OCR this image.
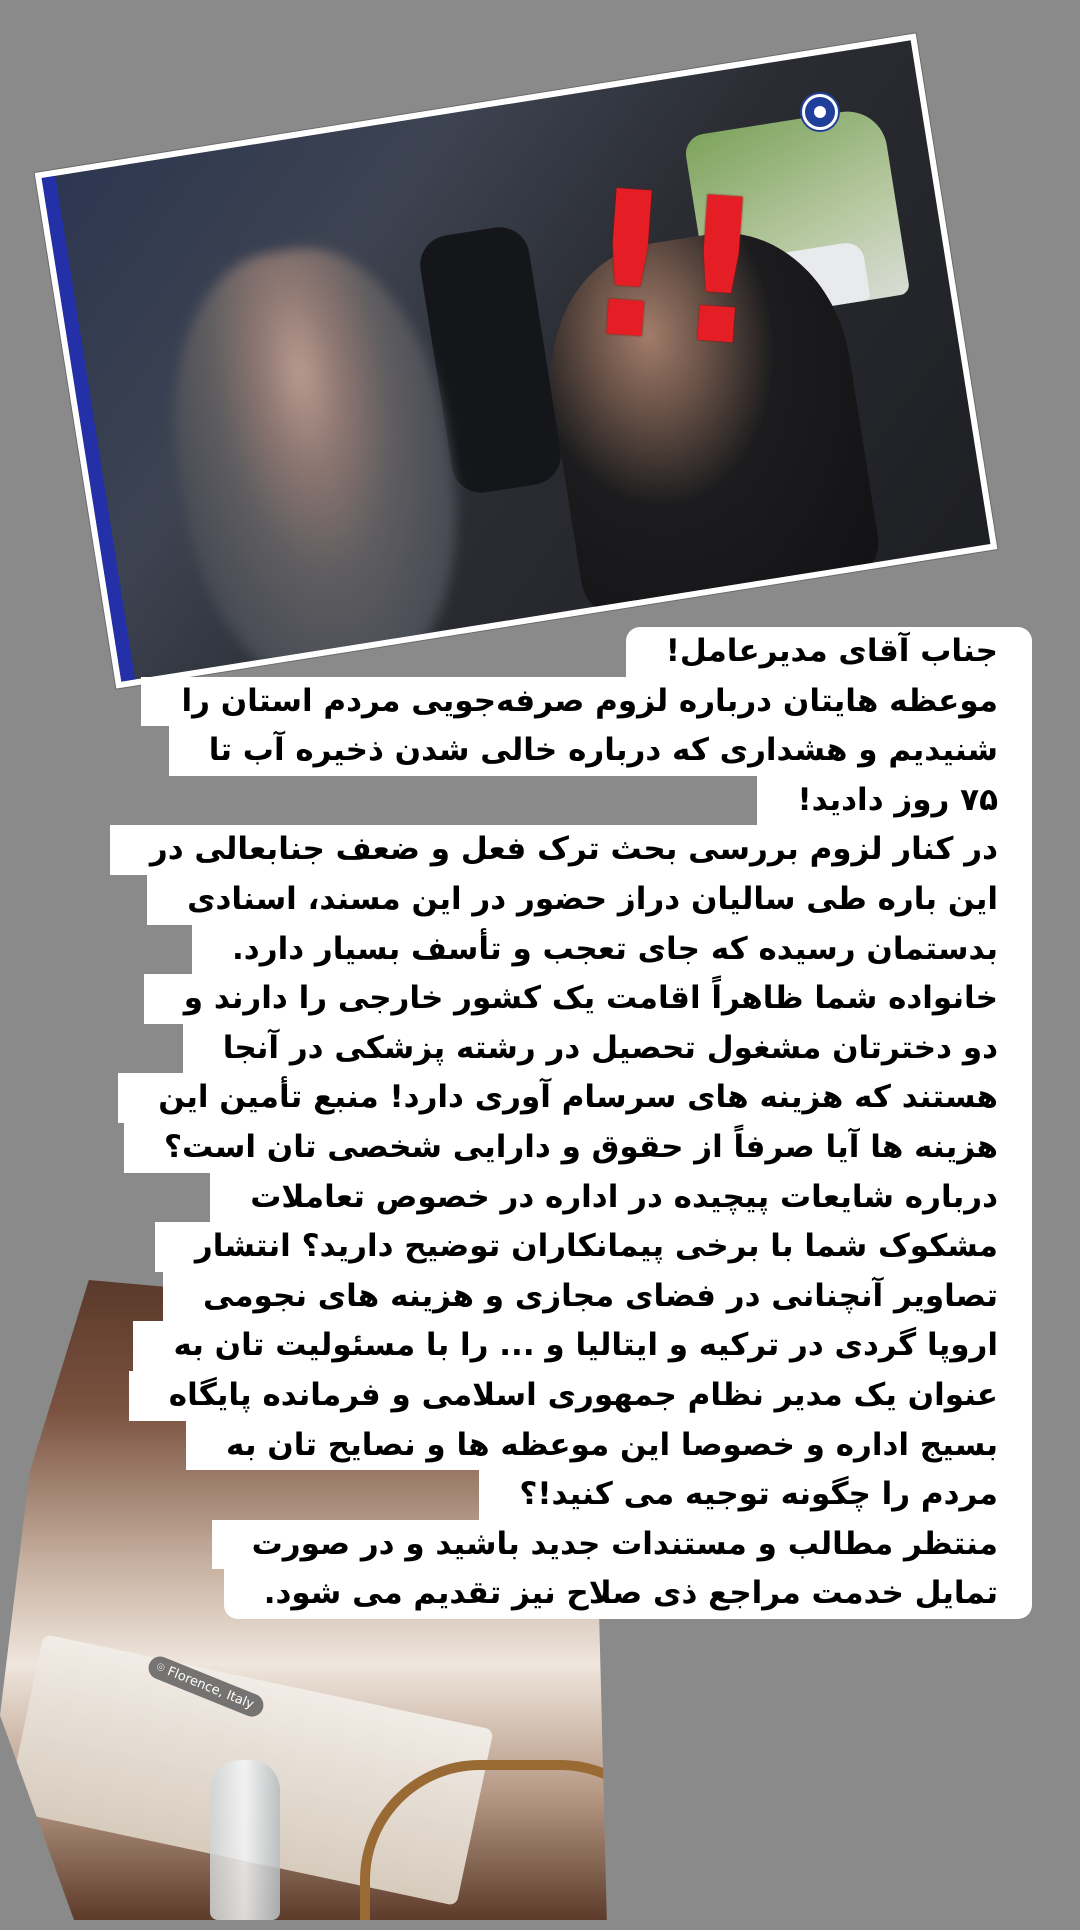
⌾
Florence, Italy
!!
جناب آقای مدیرعامل!
موعظه هایتان درباره لزوم صرفه‌جویی مردم استان را
شنیدیم و هشداری که درباره خالی شدن ذخیره آب تا
۷۵ روز دادید!
در کنار لزوم بررسی بحث ترک فعل و ضعف جنابعالی در
این باره طی سالیان دراز حضور در این مسند، اسنادی
بدستمان رسیده که جای تعجب و تأسف بسیار دارد.
خانواده شما ظاهراً اقامت یک کشور خارجی را دارند و
دو دخترتان مشغول تحصیل در رشته پزشکی در آنجا
هستند که هزینه های سرسام آوری دارد! منبع تأمین این
هزینه ها آیا صرفاً از حقوق و دارایی شخصی تان است؟
درباره شایعات پیچیده در اداره در خصوص تعاملات
مشکوک شما با برخی پیمانکاران توضیح دارید؟ انتشار
تصاویر آنچنانی در فضای مجازی و هزینه های نجومی
اروپا گردی در ترکیه و ایتالیا و ... را با مسئولیت تان به
عنوان یک مدیر نظام جمهوری اسلامی و فرمانده پایگاه
بسیج اداره و خصوصا این موعظه ها و نصایح تان به
مردم را چگونه توجیه می کنید!؟
منتظر مطالب و مستندات جدید باشید و در صورت
تمایل خدمت مراجع ذی صلاح نیز تقدیم می شود.
